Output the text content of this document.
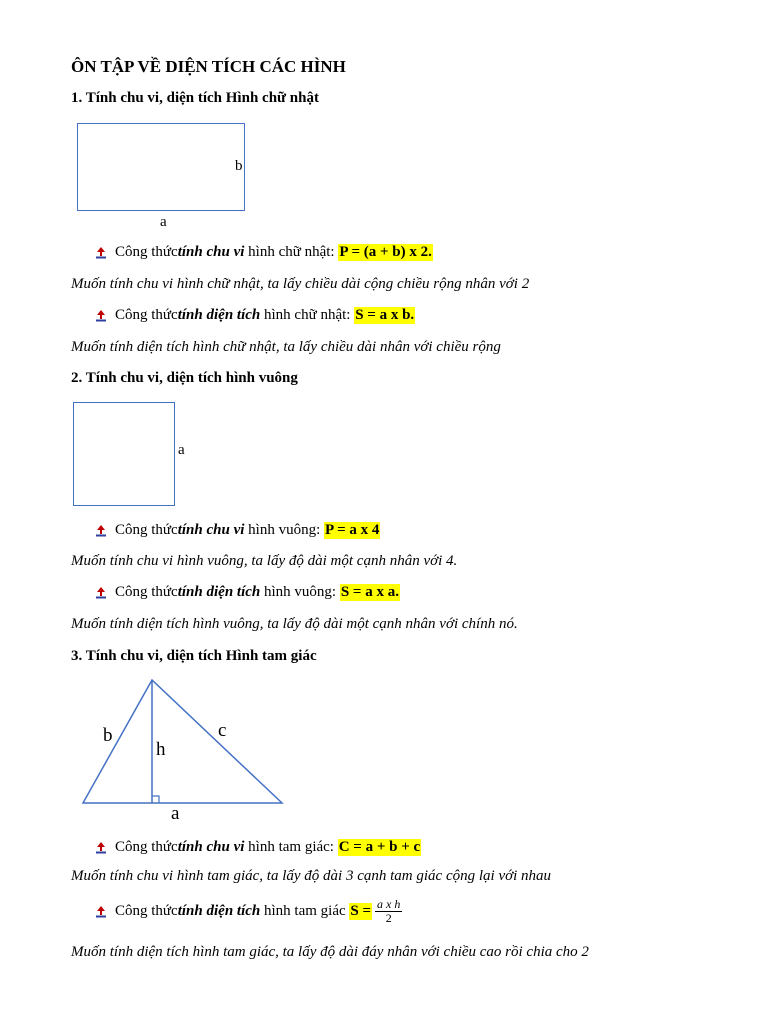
ÔN TẬP VỀ DIỆN TÍCH CÁC HÌNH
1. Tính chu vi, diện tích Hình chữ nhật
b
a
Công thức tính chu vi hình chữ nhật: P = (a + b) x 2.
Muốn tính chu vi hình chữ nhật, ta lấy chiều dài cộng chiều rộng nhân với 2
Công thức tính diện tích hình chữ nhật: S = a x b.
Muốn tính diện tích hình chữ nhật, ta lấy chiều dài nhân với chiều rộng
2. Tính chu vi, diện tích hình vuông
a
Công thức tính chu vi hình vuông: P = a x 4
Muốn tính chu vi hình vuông, ta lấy độ dài một cạnh nhân với 4.
Công thức tính diện tích hình vuông: S = a x a.
Muốn tính diện tích hình vuông, ta lấy độ dài một cạnh nhân với chính nó.
3. Tính chu vi, diện tích Hình tam giác
b
h
c
a
Công thức tính chu vi hình tam giác: C = a + b + c
Muốn tính chu vi hình tam giác, ta lấy độ dài 3 cạnh tam giác cộng lại với nhau
Công thức tính diện tích hình tam giác $S = \frac{\text{a x h}}{2}$
Muốn tính diện tích hình tam giác, ta lấy độ dài đáy nhân với chiều cao rồi chia cho 2
